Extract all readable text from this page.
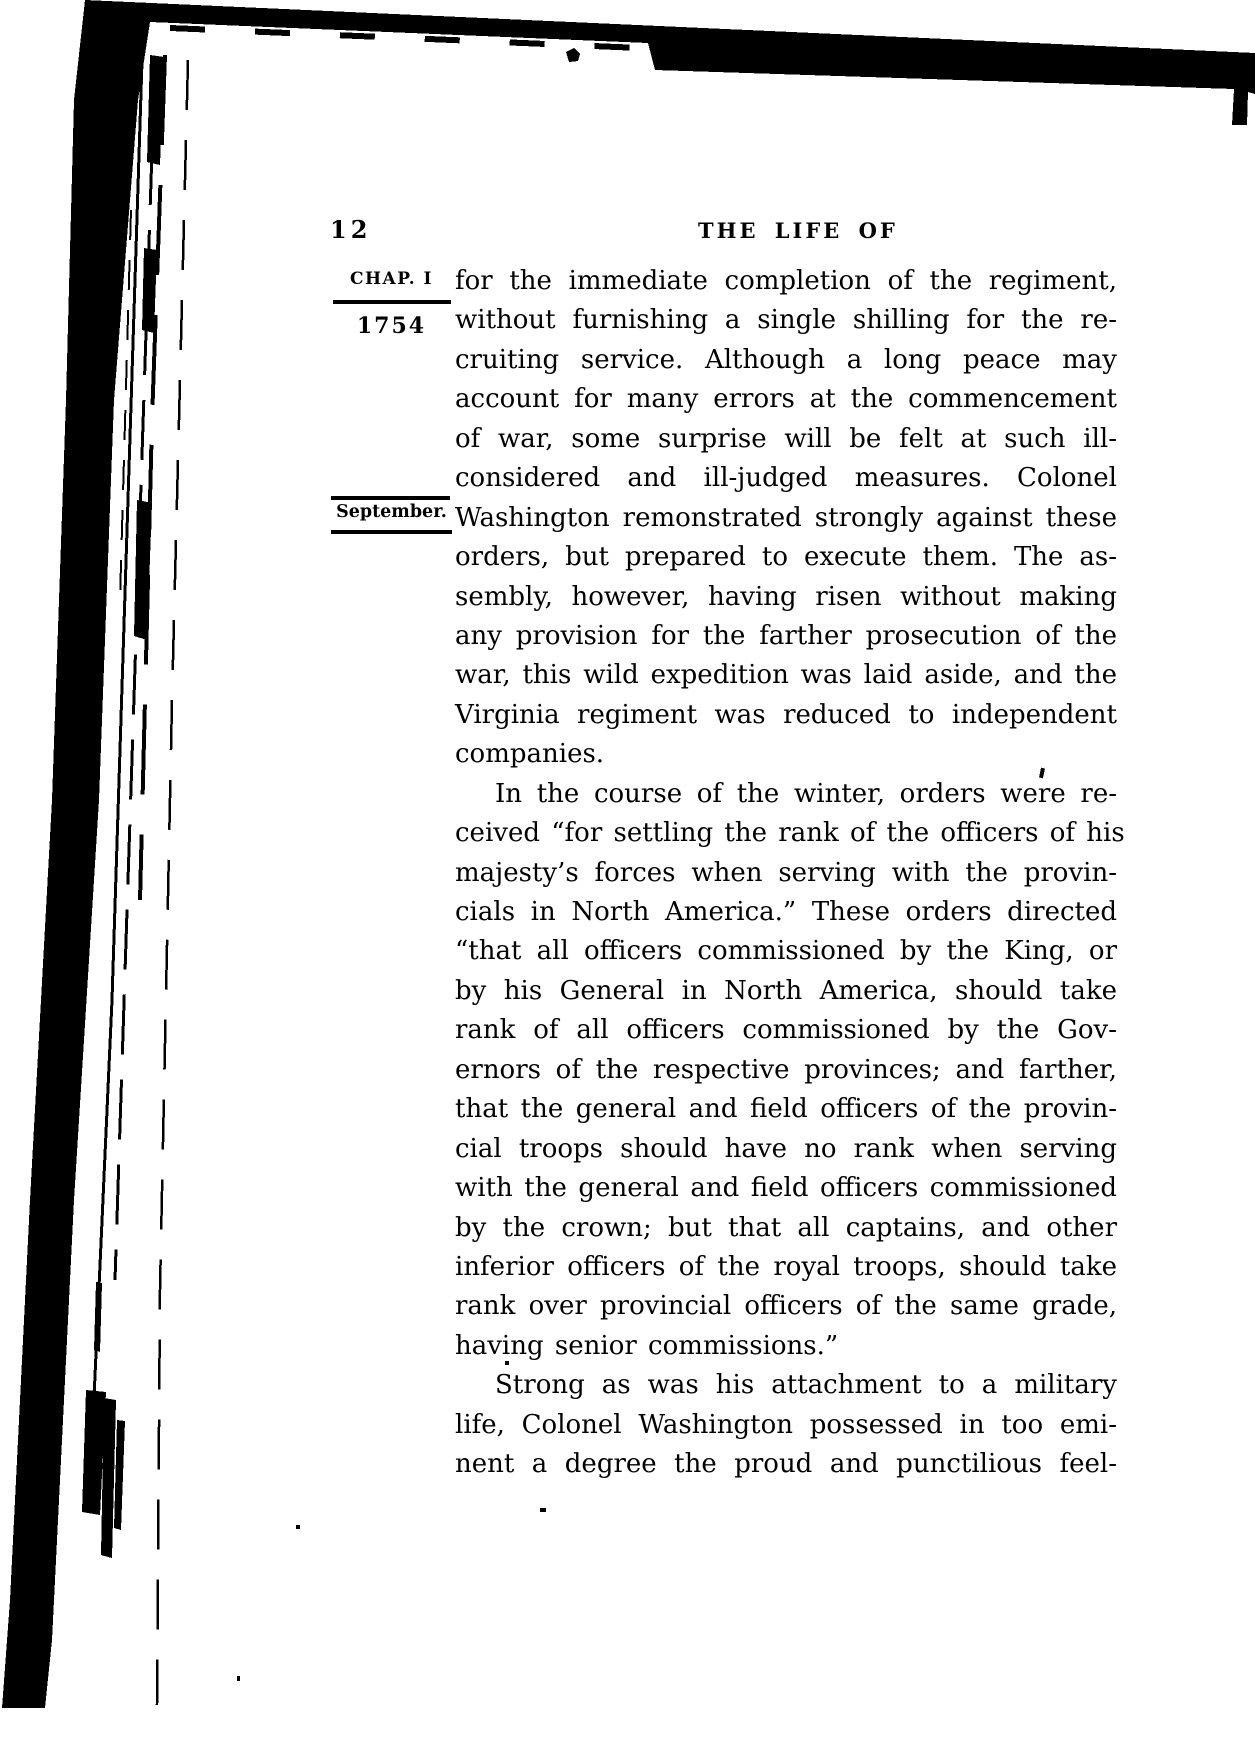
12	THE LIFE OF
CHAP. I
1754
September.
for the immediate completion of the regiment,
without furnishing a single shilling for the re-
cruiting service. Although a long peace may
account for many errors at the commencement
of war, some surprise will be felt at such ill-
considered and ill-judged measures. Colonel
Washington remonstrated strongly against these
orders, but prepared to execute them. The as-
sembly, however, having risen without making
any provision for the farther prosecution of the
war, this wild expedition was laid aside, and the
Virginia regiment was reduced to independent
companies.
In the course of the winter, orders were re-
ceived “for settling the rank of the officers of his
majesty’s forces when serving with the provin-
cials in North America.” These orders directed
“that all officers commissioned by the King, or
by his General in North America, should take
rank of all officers commissioned by the Gov-
ernors of the respective provinces; and farther,
that the general and field officers of the provin-
cial troops should have no rank when serving
with the general and field officers commissioned
by the crown; but that all captains, and other
inferior officers of the royal troops, should take
rank over provincial officers of the same grade,
having senior commissions.”
Strong as was his attachment to a military
life, Colonel Washington possessed in too emi-
nent a degree the proud and punctilious feel-
